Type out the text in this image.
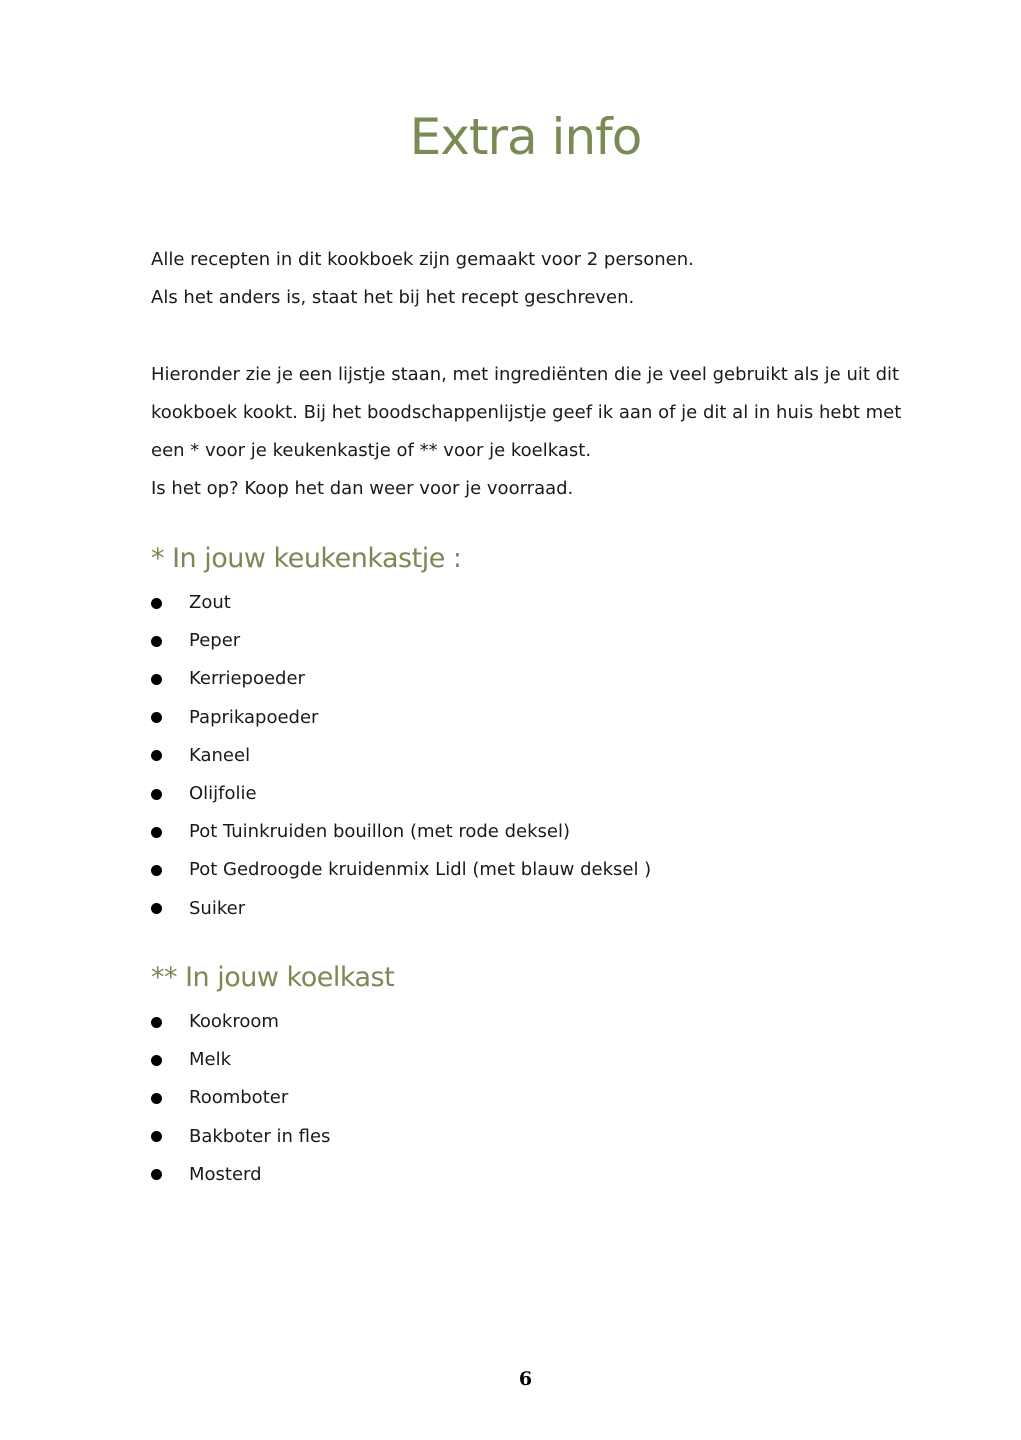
Extra info

Alle recepten in dit kookboek zijn gemaakt voor 2 personen.
Als het anders is, staat het bij het recept geschreven.

Hieronder zie je een lijstje staan, met ingrediënten die je veel gebruikt als je uit dit
kookboek kookt. Bij het boodschappenlijstje geef ik aan of je dit al in huis hebt met
een * voor je keukenkastje of ** voor je koelkast.
Is het op? Koop het dan weer voor je voorraad.

* In jouw keukenkastje :
Zout
Peper
Kerriepoeder
Paprikapoeder
Kaneel
Olijfolie
Pot Tuinkruiden bouillon (met rode deksel)
Pot Gedroogde kruidenmix Lidl (met blauw deksel )
Suiker
** In jouw koelkast
Kookroom
Melk
Roomboter
Bakboter in fles
Mosterd
6
